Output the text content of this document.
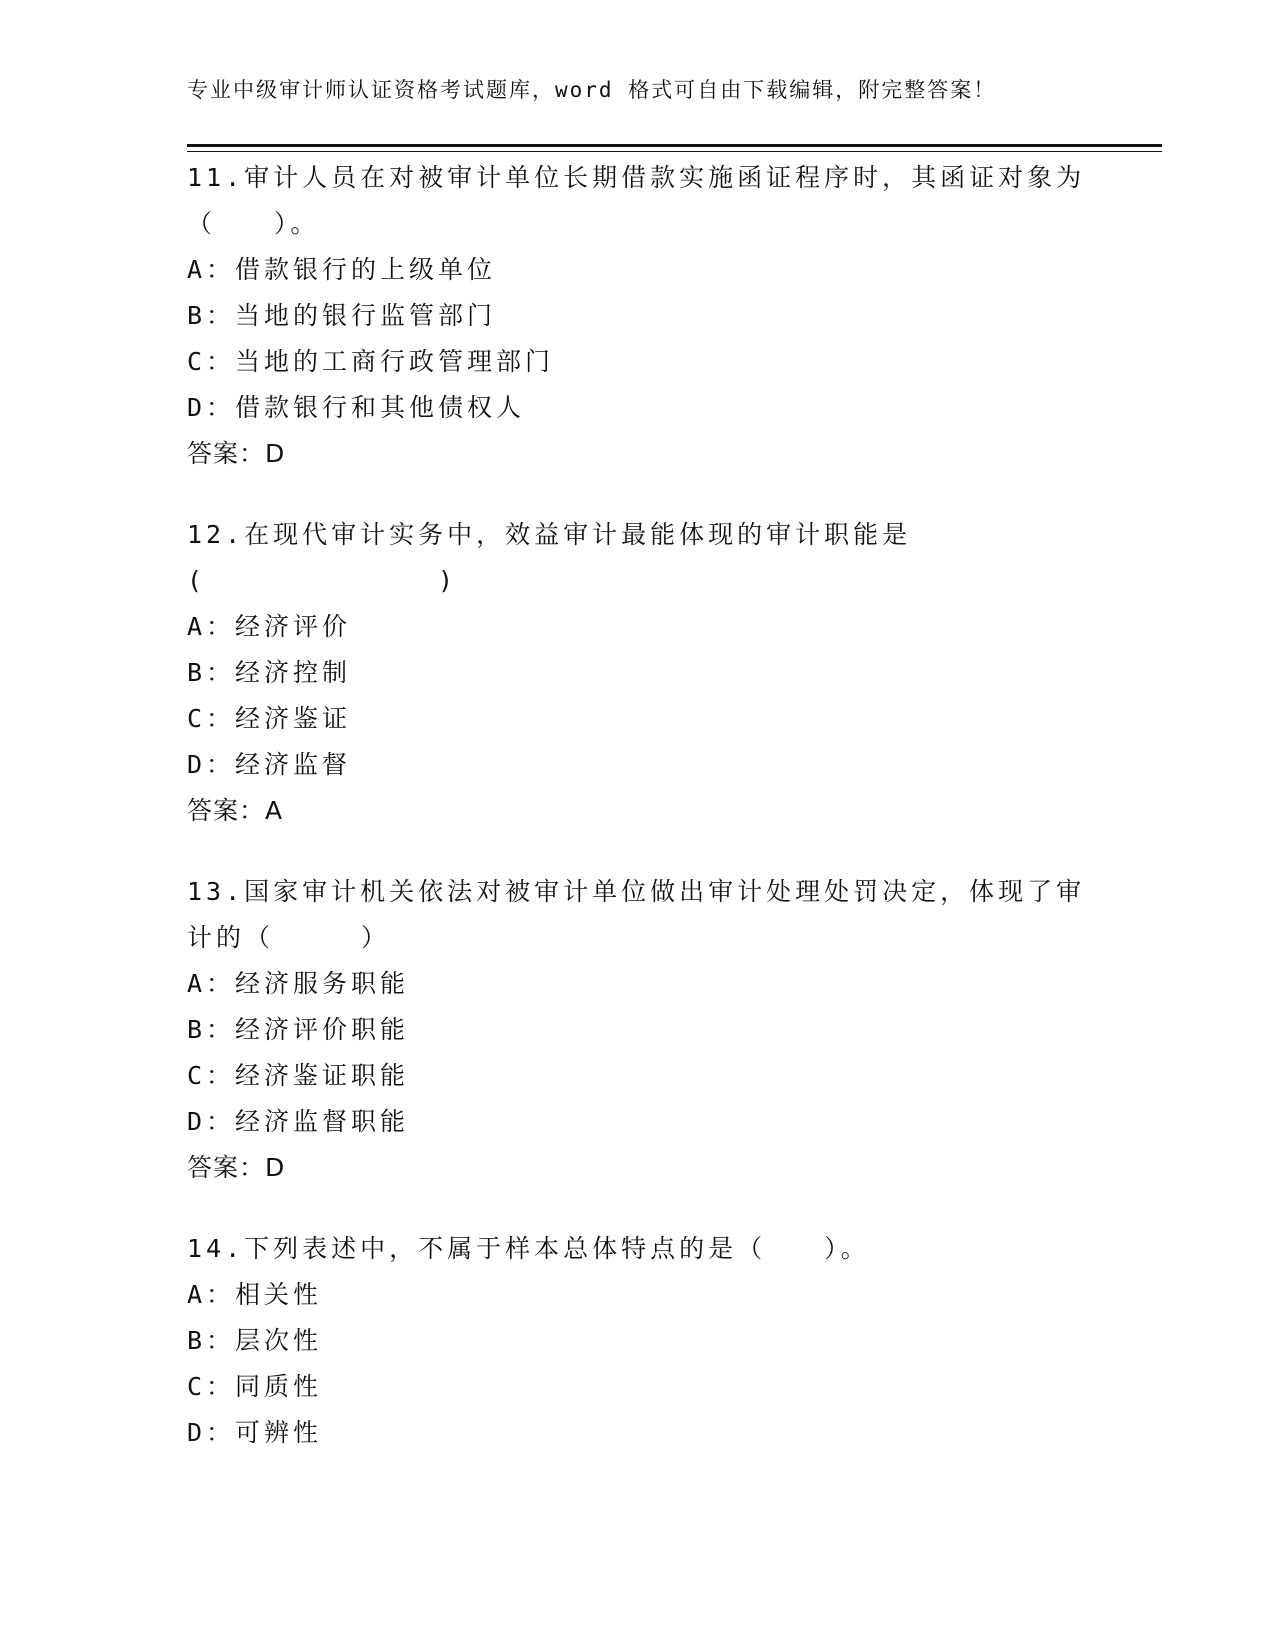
专业中级审计师认证资格考试题库，word 格式可自由下载编辑，附完整答案！
11.审计人员在对被审计单位长期借款实施函证程序时，其函证对象为
（　　）。
A：借款银行的上级单位
B：当地的银行监管部门
C：当地的工商行政管理部门
D：借款银行和其他债权人
答案：D
12.在现代审计实务中，效益审计最能体现的审计职能是
(　　　　　　　　)
A：经济评价
B：经济控制
C：经济鉴证
D：经济监督
答案：A
13.国家审计机关依法对被审计单位做出审计处理处罚决定，体现了审
计的（　　　）
A：经济服务职能
B：经济评价职能
C：经济鉴证职能
D：经济监督职能
答案：D
14.下列表述中，不属于样本总体特点的是（　　）。
A：相关性
B：层次性
C：同质性
D：可辨性
